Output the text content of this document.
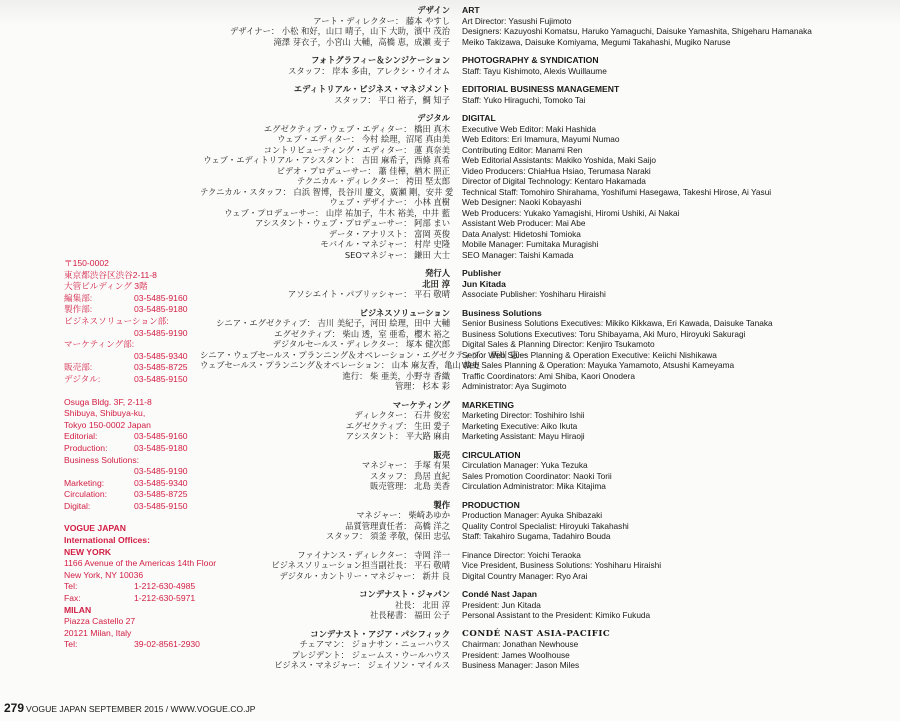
〒150-0002
東京都渋谷区渋谷2-11-8
大管ビルディング 3階
編集部:	03-5485-9160
製作部:	03-5485-9180
ビジネスソリューション部:
03-5485-9190
マーケティング部:
03-5485-9340
販売部:	03-5485-8725
デジタル:	03-5485-9150
Osuga Bldg. 3F, 2-11-8
Shibuya, Shibuya-ku,
Tokyo 150-0002 Japan
Editorial:	03-5485-9160
Production:	03-5485-9180
Business Solutions:
03-5485-9190
Marketing:	03-5485-9340
Circulation:	03-5485-8725
Digital:	03-5485-9150
VOGUE JAPAN
International Offices:
NEW YORK
1166 Avenue of the Americas 14th Floor
New York, NY 10036
Tel:	1-212-630-4985
Fax:	1-212-630-5971
MILAN
Piazza Castello 27
20121 Milan, Italy
Tel:	39-02-8561-2930
デザイン
アート・ディレクター： 藤本 やすし
デザイナー： 小松 和好，山口 晴子，山下 大助，濱中 茂治
滝澤 芽衣子，小宮山 大輔，高橋 恵，成瀬 麦子
ART
Art Director: Yasushi Fujimoto
Designers: Kazuyoshi Komatsu, Haruko Yamaguchi, Daisuke Yamashita, Shigeharu Hamanaka
Meiko Takizawa, Daisuke Komiyama, Megumi Takahashi, Mugiko Naruse
フォトグラフィー＆シンジケーション
スタッフ： 岸本 多由，アレクシ・ウイオム
PHOTOGRAPHY & SYNDICATION
Staff: Tayu Kishimoto, Alexis Wuillaume
エディトリアル・ビジネス・マネジメント
スタッフ： 平口 裕子，鯛 知子
EDITORIAL BUSINESS MANAGEMENT
Staff: Yuko Hiraguchi, Tomoko Tai
デジタル
エグゼクティブ・ウェブ・エディター： 橋田 真木
ウェブ・エディター： 今村 絵理，沼尾 真由美
コントリビューティング・エディター： 蓮 真奈美
ウェブ・エディトリアル・アシスタント： 吉田 麻希子，西條 真希
ビデオ・プロデューサー： 蕭 佳樺，楢木 照正
テクニカル・ディレクター： 袴田 堅太郎
テクニカル・スタッフ： 白浜 智博，長谷川 慶文，廣瀬 剛，安井 愛
ウェブ・デザイナー： 小林 直樹
ウェブ・プロデューサー： 山岸 祐加子，牛木 裕美，中井 藍
アシスタント・ウェブ・プロデューサー： 阿部 まい
データ・アナリスト： 富岡 英俊
モバイル・マネジャー： 村岸 史隆
SEOマネジャー： 鎌田 大士
DIGITAL
Executive Web Editor: Maki Hashida
Web Editors: Eri Imamura, Mayumi Numao
Contributing Editor: Manami Ren
Web Editorial Assistants: Makiko Yoshida, Maki Saijo
Video Producers: ChiaHua Hsiao, Terumasa Naraki
Director of Digital Technology: Kentaro Hakamada
Technical Staff: Tomohiro Shirahama, Yoshifumi Hasegawa, Takeshi Hirose, Ai Yasui
Web Designer: Naoki Kobayashi
Web Producers: Yukako Yamagishi, Hiromi Ushiki, Ai Nakai
Assistant Web Producer: Mai Abe
Data Analyst: Hidetoshi Tomioka
Mobile Manager: Fumitaka Muragishi
SEO Manager: Taishi Kamada
発行人
北田 淳
アソシエイト・パブリッシャー： 平石 敬晴
Publisher
Jun Kitada
Associate Publisher: Yoshiharu Hiraishi
ビジネスソリューション
シニア・エグゼクティブ： 吉川 美紀子，河田 絵理，田中 大輔
エグゼクティブ： 柴山 透，室 亜希，櫻木 裕之
デジタルセールス・ディレクター： 塚本 健次郎
シニア・ウェブセールス・プランニング＆オペレーション・エグゼクティブ： 西川 恵一
ウェブセールス・プランニング＆オペレーション： 山本 麻友香，亀山 敦史
進行： 柴 亜美，小野寺 香織
管理： 杉本 彩
Business Solutions
Senior Business Solutions Executives: Mikiko Kikkawa, Eri Kawada, Daisuke Tanaka
Business Solutions Executives: Toru Shibayama, Aki Muro, Hiroyuki Sakuragi
Digital Sales & Planning Director: Kenjiro Tsukamoto
Senior Web Sales Planning & Operation Executive: Keiichi Nishikawa
Web Sales Planning & Operation: Mayuka Yamamoto, Atsushi Kameyama
Traffic Coordinators: Ami Shiba, Kaori Onodera
Administrator: Aya Sugimoto
マーケティング
ディレクター： 石井 俊宏
エグゼクティブ： 生田 愛子
アシスタント： 平大路 麻由
MARKETING
Marketing Director: Toshihiro Ishii
Marketing Executive: Aiko Ikuta
Marketing Assistant: Mayu Hiraoji
販売
マネジャー： 手塚 有果
スタッフ： 鳥居 直紀
販売管理： 北島 美香
CIRCULATION
Circulation Manager: Yuka Tezuka
Sales Promotion Coordinator: Naoki Torii
Circulation Administrator: Mika Kitajima
製作
マネジャー： 柴崎あゆか
品質管理責任者： 高橋 洋之
スタッフ： 須釜 孝敬，保田 忠弘
PRODUCTION
Production Manager: Ayuka Shibazaki
Quality Control Specialist: Hiroyuki Takahashi
Staff: Takahiro Sugama, Tadahiro Bouda
ファイナンス・ディレクター： 寺岡 洋一
ビジネスソリューション担当副社長： 平石 敬晴
デジタル・カントリー・マネジャー： 新井 良
Finance Director: Yoichi Teraoka
Vice President, Business Solutions: Yoshiharu Hiraishi
Digital Country Manager: Ryo Arai
コンデナスト・ジャパン
社長： 北田 淳
社長秘書： 福田 公子
Condé Nast Japan
President: Jun Kitada
Personal Assistant to the President: Kimiko Fukuda
コンデナスト・アジア・パシフィック
チェアマン： ジョナサン・ニューハウス
プレジデント： ジェームス・ウールハウス
ビジネス・マネジャー： ジェイソン・マイルス
CONDÉ NAST ASIA-PACIFIC
Chairman: Jonathan Newhouse
President: James Woolhouse
Business Manager: Jason Miles
279 VOGUE JAPAN SEPTEMBER 2015 / WWW.VOGUE.CO.JP
